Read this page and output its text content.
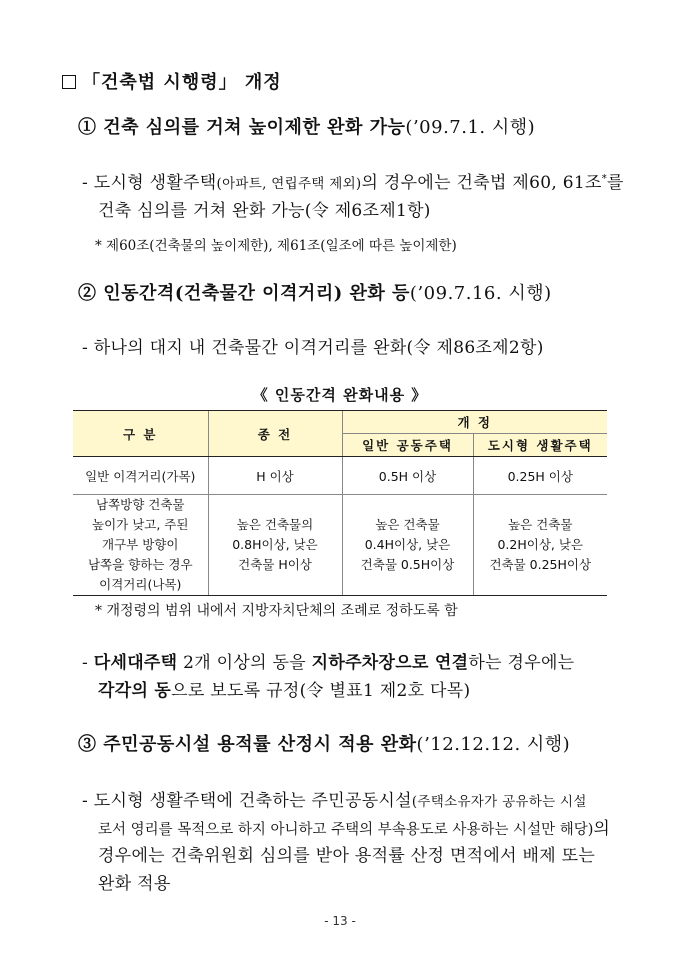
「건축법 시행령」 개정
① 건축 심의를 거쳐 높이제한 완화 가능(’09.7.1. 시행)
- 도시형 생활주택(아파트, 연립주택 제외)의 경우에는 건축법 제60, 61조*를
건축 심의를 거쳐 완화 가능(令 제6조제1항)
* 제60조(건축물의 높이제한), 제61조(일조에 따른 높이제한)
② 인동간격(건축물간 이격거리) 완화 등(’09.7.16. 시행)
- 하나의 대지 내 건축물간 이격거리를 완화(令 제86조제2항)
《 인동간격 완화내용 》
구 분	종 전	개 정	
		일반 공동주택	도시형 생활주택
일반 이격거리(가목)	H 이상	0.5H 이상	0.25H 이상
남쪽방향 건축물
높이가 낮고, 주된
개구부 방향이
남쪽을 향하는 경우
이격거리(나목)	높은 건축물의
0.8H이상, 낮은
건축물 H이상	높은 건축물
0.4H이상, 낮은
건축물 0.5H이상	높은 건축물
0.2H이상, 낮은
건축물 0.25H이상
* 개정령의 범위 내에서 지방자치단체의 조례로 정하도록 함
- 다세대주택 2개 이상의 동을 지하주차장으로 연결하는 경우에는
각각의 동으로 보도록 규정(令 별표1 제2호 다목)
③ 주민공동시설 용적률 산정시 적용 완화(’12.12.12. 시행)
- 도시형 생활주택에 건축하는 주민공동시설(주택소유자가 공유하는 시설
로서 영리를 목적으로 하지 아니하고 주택의 부속용도로 사용하는 시설만 해당)의
경우에는 건축위원회 심의를 받아 용적률 산정 면적에서 배제 또는
완화 적용
- 13 -
